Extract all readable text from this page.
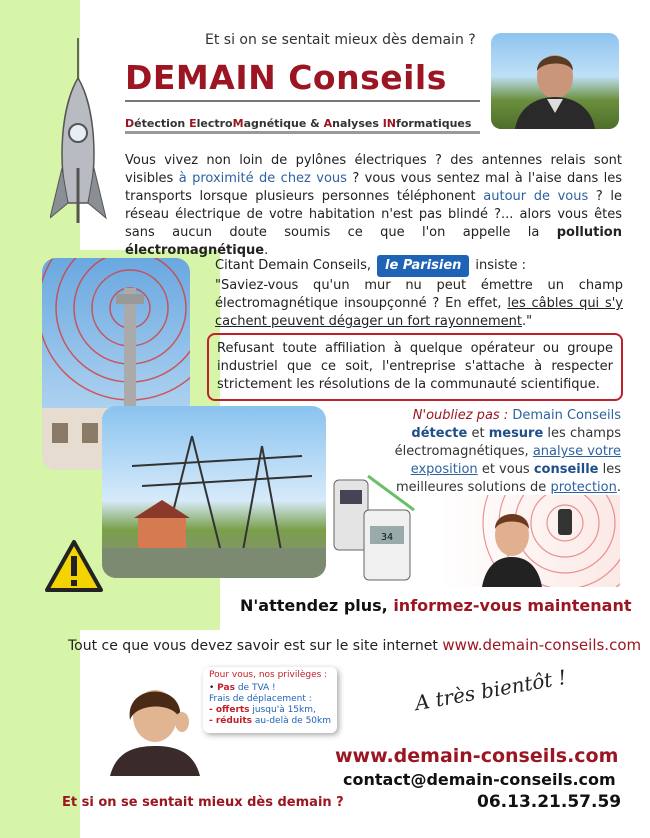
Et si on se sentait mieux dès demain ?
DEMAIN Conseils
Détection ElectroMagnétique & Analyses INformatiques
Vous vivez non loin de pylônes électriques ? des antennes relais sont visibles à proximité de chez vous ? vous vous sentez mal à l'aise dans les transports lorsque plusieurs personnes téléphonent autour de vous ? le réseau électrique de votre habitation n'est pas blindé ?... alors vous êtes sans aucun doute soumis ce que l'on appelle la pollution électromagnétique.
Citant Demain Conseils, le Parisien insiste :

"Saviez-vous qu'un mur nu peut émettre un champ électromagnétique insoupçonné ? En effet, les câbles qui s'y cachent peuvent dégager un fort rayonnement."
Refusant toute affiliation à quelque opérateur ou groupe industriel que ce soit, l'entreprise s'attache à respecter strictement les résolutions de la communauté scientifique.
34
N'oubliez pas : Demain Conseils détecte et mesure les champs électromagnétiques, analyse votre exposition et vous conseille les meilleures solutions de protection.
N'attendez plus, informez-vous maintenant
Tout ce que vous devez savoir est sur le site internet www.demain-conseils.com
Pour vous, nos privilèges :
• Pas de TVA !
Frais de déplacement :
- offerts jusqu'à 15km,
- réduits au-delà de 50km
A très bientôt !
www.demain-conseils.com
contact@demain-conseils.com
06.13.21.57.59
Et si on se sentait mieux dès demain ?
